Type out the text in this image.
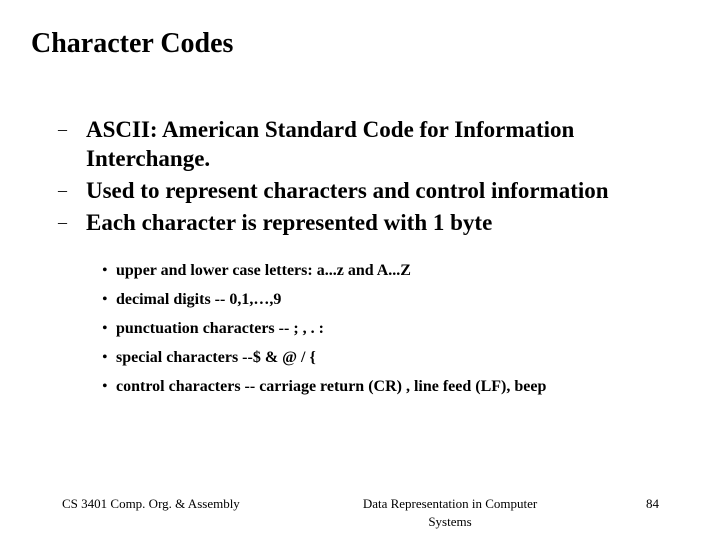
Character Codes
– ASCII: American Standard Code for Information Interchange.
– Used to represent characters and control information
– Each character is represented with 1 byte
• upper and lower case letters: a...z and A...Z
• decimal digits -- 0,1,…,9
• punctuation characters -- ; , . :
• special characters --$ & @ / {
• control characters -- carriage return (CR) , line feed (LF), beep
CS 3401 Comp. Org. & Assembly	Data Representation in Computer Systems
84
